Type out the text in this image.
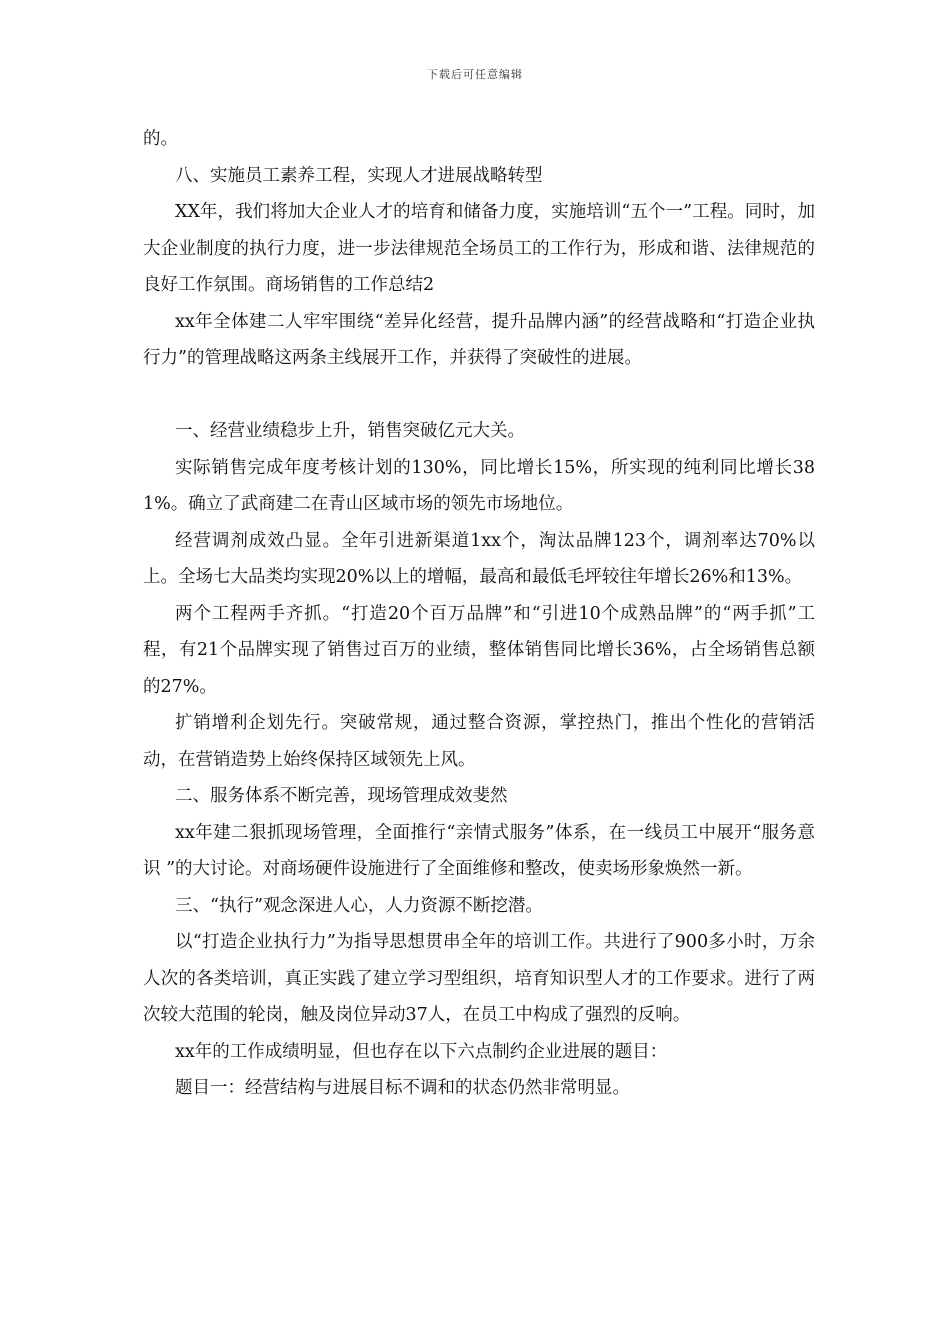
下载后可任意编辑

的。

八、实施员工素养工程，实现人才进展战略转型

XX年，我们将加大企业人才的培育和储备力度，实施培训“五个一”工程。同时，加大企业制度的执行力度，进一步法律规范全场员工的工作行为，形成和谐、法律规范的良好工作氛围。商场销售的工作总结2

xx年全体建二人牢牢围绕“差异化经营，提升品牌内涵”的经营战略和“打造企业执行力”的管理战略这两条主线展开工作，并获得了突破性的进展。

一、经营业绩稳步上升，销售突破亿元大关。

实际销售完成年度考核计划的130%，同比增长15%，所实现的纯利同比增长381%。确立了武商建二在青山区域市场的领先市场地位。

经营调剂成效凸显。全年引进新渠道1xx个，淘汰品牌123个，调剂率达70%以上。全场七大品类均实现20%以上的增幅，最高和最低毛坪较往年增长26%和13%。

两个工程两手齐抓。“打造20个百万品牌”和“引进10个成熟品牌”的“两手抓”工程，有21个品牌实现了销售过百万的业绩，整体销售同比增长36%，占全场销售总额的27%。

扩销增利企划先行。突破常规，通过整合资源，掌控热门，推出个性化的营销活动，在营销造势上始终保持区域领先上风。

二、服务体系不断完善，现场管理成效斐然

xx年建二狠抓现场管理，全面推行“亲情式服务”体系，在一线员工中展开“服务意识 ”的大讨论。对商场硬件设施进行了全面维修和整改，使卖场形象焕然一新。

三、“执行”观念深进人心，人力资源不断挖潜。

以“打造企业执行力”为指导思想贯串全年的培训工作。共进行了900多小时，万余人次的各类培训，真正实践了建立学习型组织，培育知识型人才的工作要求。进行了两次较大范围的轮岗，触及岗位异动37人，在员工中构成了强烈的反响。

xx年的工作成绩明显，但也存在以下六点制约企业进展的题目：

题目一：经营结构与进展目标不调和的状态仍然非常明显。
